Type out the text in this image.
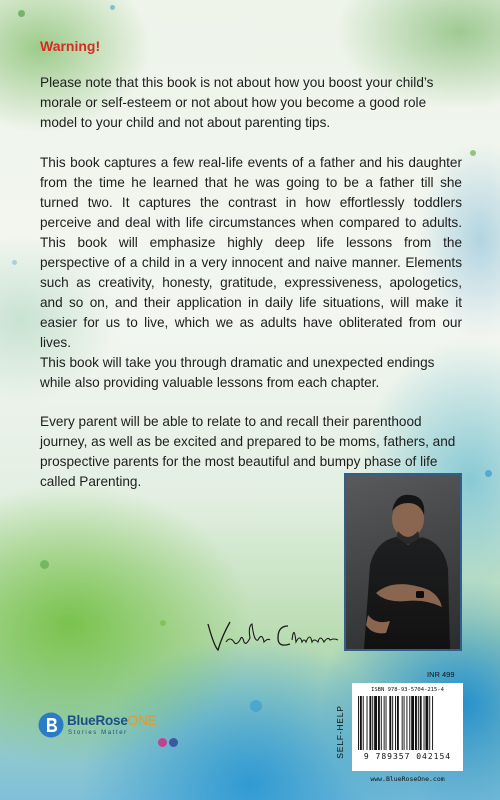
Warning!

Please note that this book is not about how you boost your child’s morale or self-esteem or not about how you become a good role model to your child and not about parenting tips.

This book captures a few real-life events of a father and his daughter from the time he learned that he was going to be a father till she turned two. It captures the contrast in how effortlessly toddlers perceive and deal with life circumstances when compared to adults. This book will emphasize highly deep life lessons from the perspective of a child in a very innocent and naive manner. Elements such as creativity, honesty, gratitude, expressiveness, apologetics, and so on, and their application in daily life situations, will make it easier for us to live, which we as adults have obliterated from our lives.

This book will take you through dramatic and unexpected endings while also providing valuable lessons from each chapter.

Every parent will be able to relate to and recall their parenthood journey, as well as be excited and prepared to be moms, fathers, and prospective parents for the most beautiful and bumpy phase of life called Parenting.

INR 499
SELF-HELP
ISBN 978-93-5704-215-4
9 789357 042154
www.BlueRoseOne.com
BlueRoseONE
Stories Matter
